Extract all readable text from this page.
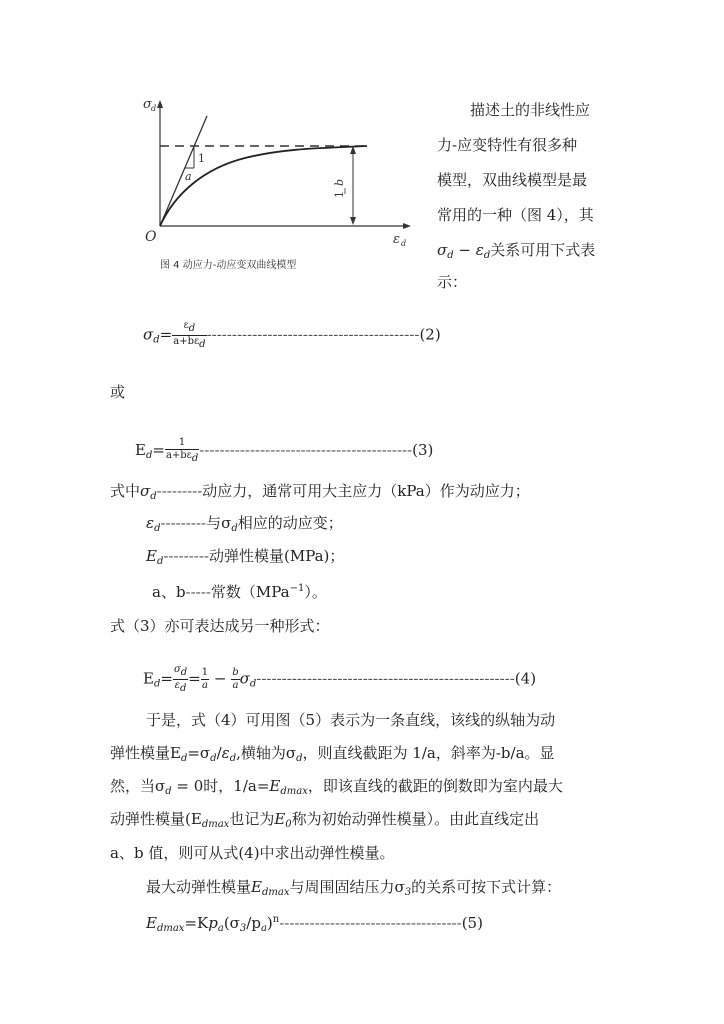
σ d
ε d
O
1
a
1
b
图 4 动应力-动应变双曲线模型
描述土的非线性应
力-应变特性有很多种
模型，双曲线模型是最
常用的一种（图 4），其
$\sigma_d - \varepsilon_d$关系可用下式表
示：
$\sigma_d= \frac{\varepsilon d}{\text{a+bεd}} ------------------------------------------(2)$
或
$E_d= \frac{1}{\text{a+bεd}} ------------------------------------------(3)$
式中$\sigma_d---------$动应力，通常可用大主应力（kPa）作为动应力；
$\varepsilon_d---------$与$\sigma_d$相应的动应变；
$E_d---------$动弹性模量(MPa)；
a、b-----常数（MPa$^{-1}$）。
式（3）亦可表达成另一种形式：
$E_d= \frac{\sigma d}{\varepsilon d} = \frac{1}{a} - \frac{b}{a} \sigma_d---------------------------------------------------(4)$
于是，式（4）可用图（5）表示为一条直线，该线的纵轴为动
弹性模量$E_d=\sigma_d/\varepsilon_d$,横轴为$\sigma_d$，则直线截距为 1/a，斜率为-b/a。显
然，当$\sigma_d = 0$时，$1/a=E_{dmax}$，即该直线的截距的倒数即为室内最大
动弹性模量($E_{dmax}$也记为$E_0$称为初始动弹性模量）。由此直线定出
a、b 值，则可从式(4)中求出动弹性模量。
最大动弹性模量$E_{dmax}$与周围固结压力$\sigma_3$的关系可按下式计算：
$E_{dmax}=Kp_a(\sigma_3/p_a)^n------------------------------------(5)$
